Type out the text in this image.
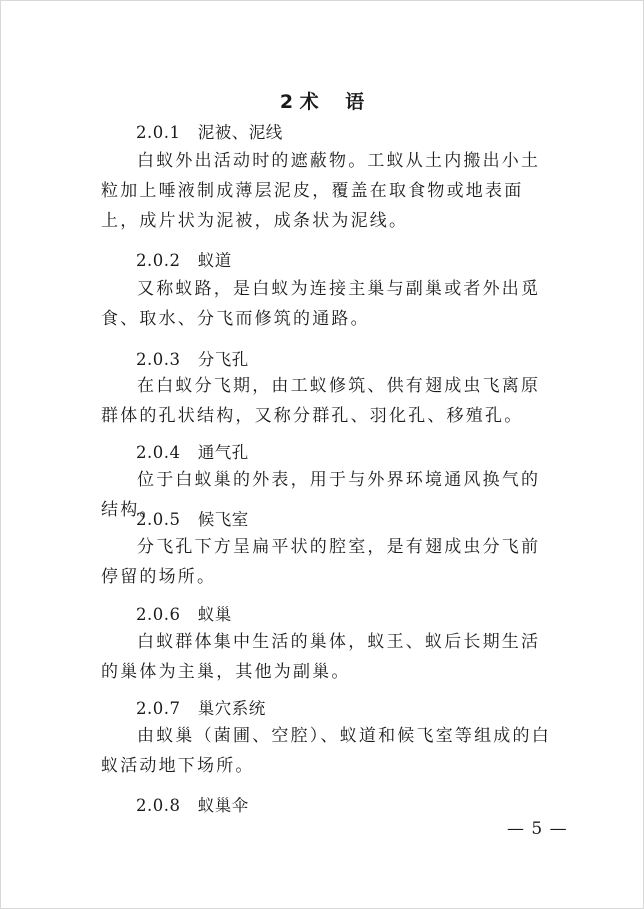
2 术    语
2.0.1 泥被、泥线

白蚁外出活动时的遮蔽物。工蚁从土内搬出小土粒加上唾液制成薄层泥皮，覆盖在取食物或地表面上，成片状为泥被，成条状为泥线。

2.0.2 蚁道

又称蚁路，是白蚁为连接主巢与副巢或者外出觅食、取水、分飞而修筑的通路。

2.0.3 分飞孔

在白蚁分飞期，由工蚁修筑、供有翅成虫飞离原群体的孔状结构，又称分群孔、羽化孔、移殖孔。

2.0.4 通气孔

位于白蚁巢的外表，用于与外界环境通风换气的结构。

2.0.5 候飞室

分飞孔下方呈扁平状的腔室，是有翅成虫分飞前停留的场所。

2.0.6 蚁巢

白蚁群体集中生活的巢体，蚁王、蚁后长期生活的巢体为主巢，其他为副巢。

2.0.7 巢穴系统

由蚁巢（菌圃、空腔）、蚁道和候飞室等组成的白蚁活动地下场所。

2.0.8 蚁巢伞
— 5 —
